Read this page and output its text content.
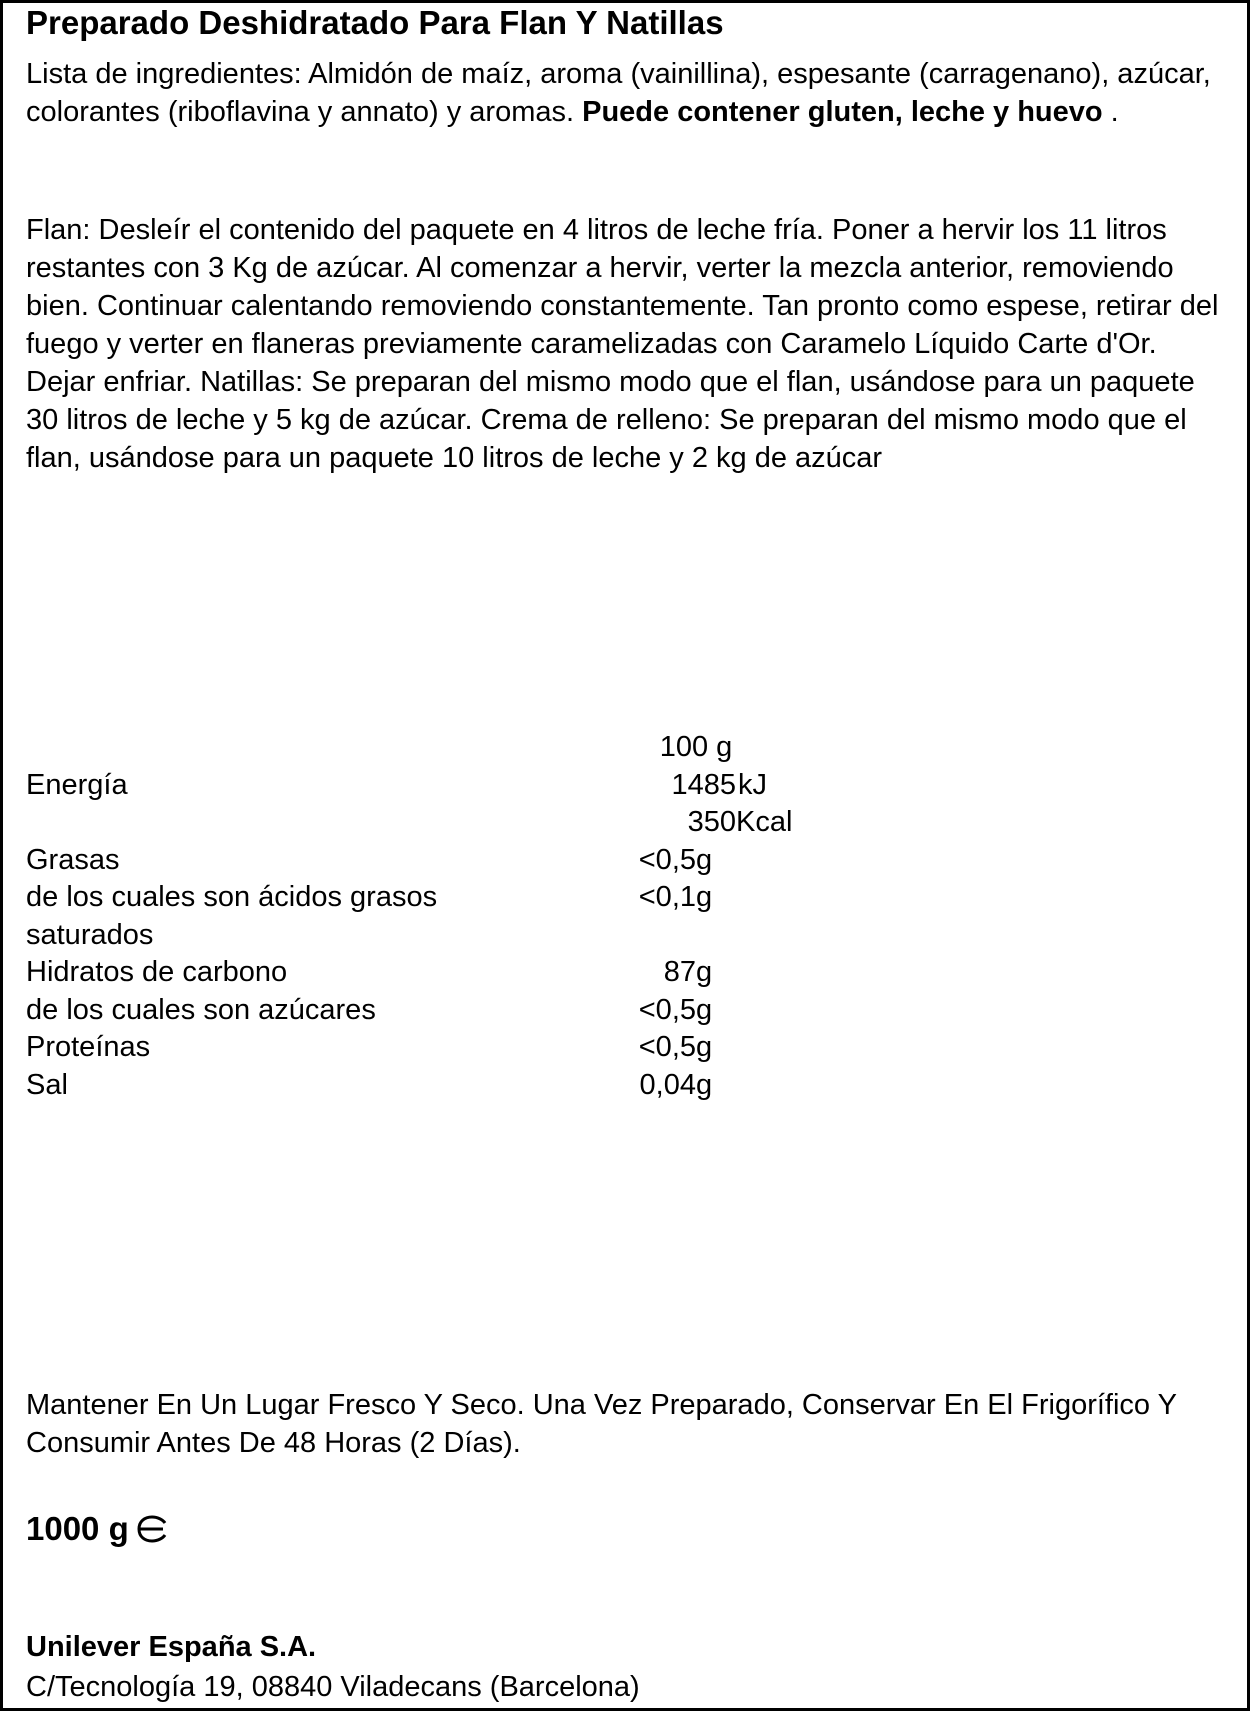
Preparado Deshidratado Para Flan Y Natillas
Lista de ingredientes: Almidón de maíz, aroma (vainillina), espesante (carragenano), azúcar, colorantes (riboflavina y annato) y aromas. Puede contener gluten, leche y huevo .
Flan: Desleír el contenido del paquete en 4 litros de leche fría. Poner a hervir los 11 litros restantes con 3 Kg de azúcar. Al comenzar a hervir, verter la mezcla anterior, removiendo bien. Continuar calentando removiendo constantemente. Tan pronto como espese, retirar del fuego y verter en flaneras previamente caramelizadas con Caramelo Líquido Carte d'Or. Dejar enfriar. Natillas: Se preparan del mismo modo que el flan, usándose para un paquete 30 litros de leche y 5 kg de azúcar. Crema de relleno: Se preparan del mismo modo que el flan, usándose para un paquete 10 litros de leche y 2 kg de azúcar
100 g
Energía	1485 kJ
350 Kcal
Grasas	<0,5 g
de los cuales son ácidos grasos	<0,1 g
saturados
Hidratos de carbono	87 g
de los cuales son azúcares	<0,5 g
Proteínas	<0,5 g
Sal	0,04 g
Mantener En Un Lugar Fresco Y Seco. Una Vez Preparado, Conservar En El Frigorífico Y Consumir Antes De 48 Horas (2 Días).
1000 g
Unilever España S.A.
C/Tecnología 19, 08840 Viladecans (Barcelona)
